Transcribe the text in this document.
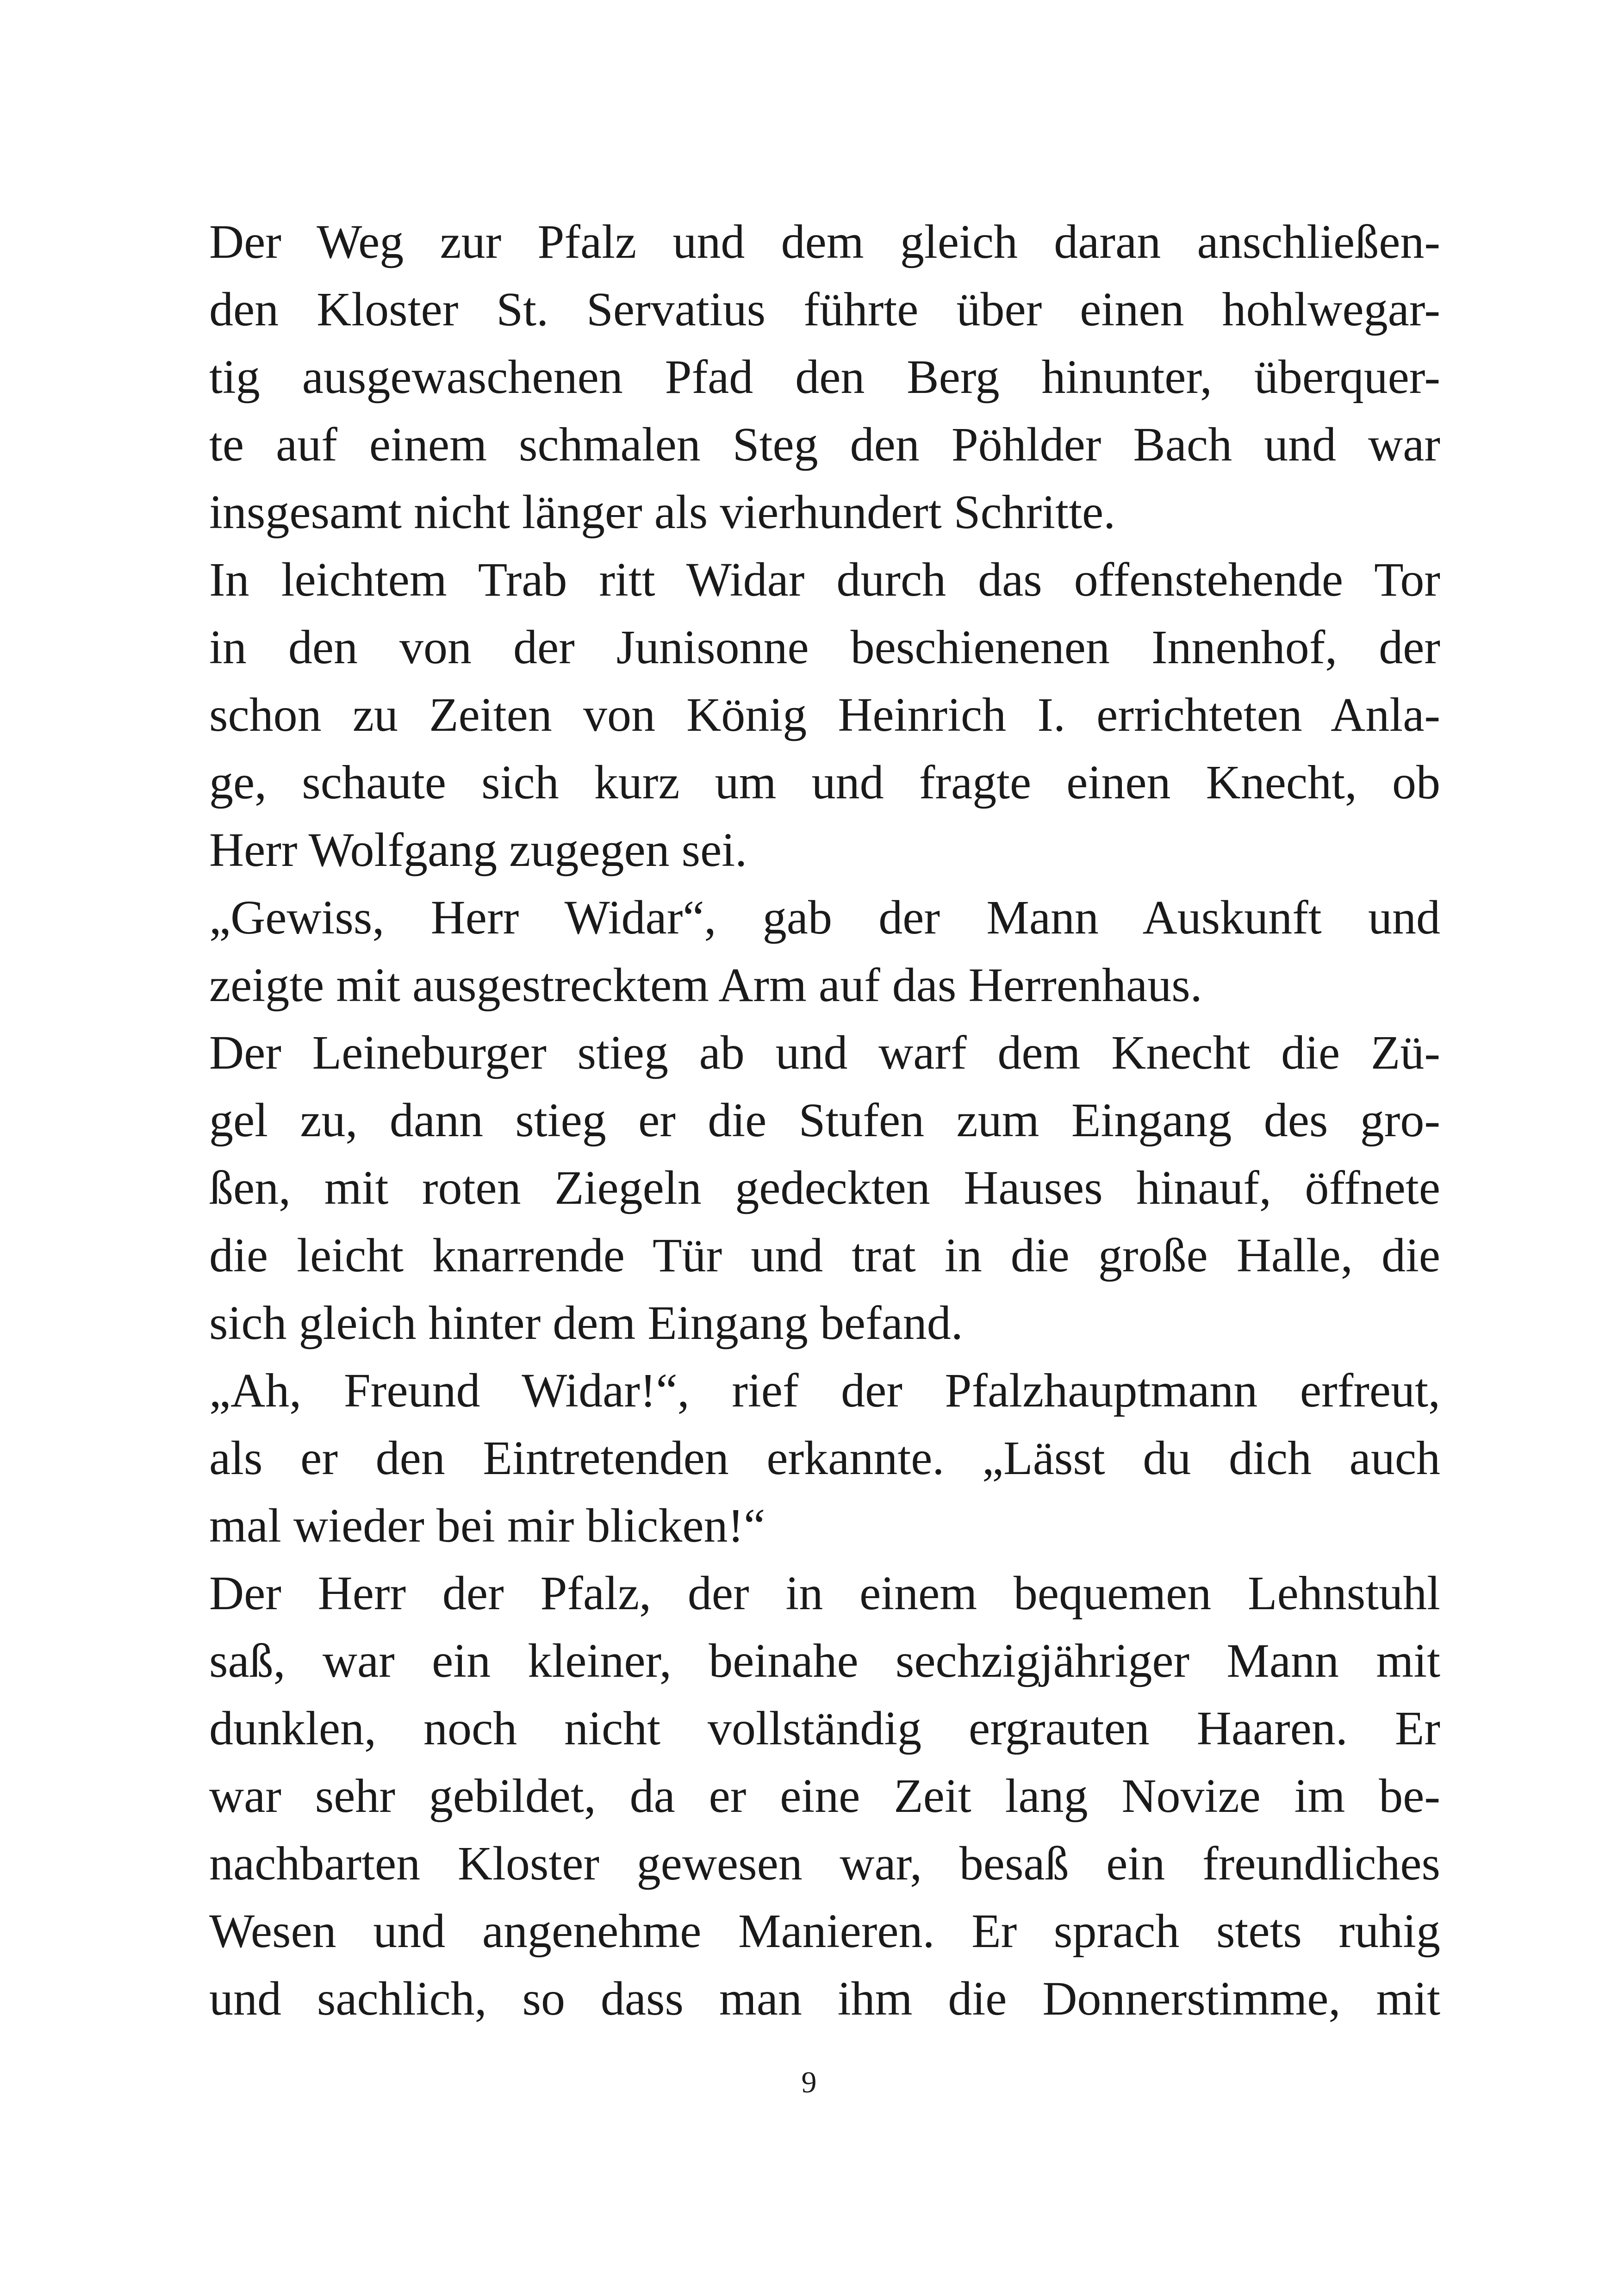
Der Weg zur Pfalz und dem gleich daran anschließen-
den Kloster St. Servatius führte über einen hohlwegar-
tig ausgewaschenen Pfad den Berg hinunter, überquer-
te auf einem schmalen Steg den Pöhlder Bach und war
insgesamt nicht länger als vierhundert Schritte.
In leichtem Trab ritt Widar durch das offenstehende Tor
in den von der Junisonne beschienenen Innenhof, der
schon zu Zeiten von König Heinrich I. errichteten Anla-
ge, schaute sich kurz um und fragte einen Knecht, ob
Herr Wolfgang zugegen sei.
„Gewiss, Herr Widar“, gab der Mann Auskunft und
zeigte mit ausgestrecktem Arm auf das Herrenhaus.
Der Leineburger stieg ab und warf dem Knecht die Zü-
gel zu, dann stieg er die Stufen zum Eingang des gro-
ßen, mit roten Ziegeln gedeckten Hauses hinauf, öffnete
die leicht knarrende Tür und trat in die große Halle, die
sich gleich hinter dem Eingang befand.
„Ah, Freund Widar!“, rief der Pfalzhauptmann erfreut,
als er den Eintretenden erkannte. „Lässt du dich auch
mal wieder bei mir blicken!“
Der Herr der Pfalz, der in einem bequemen Lehnstuhl
saß, war ein kleiner, beinahe sechzigjähriger Mann mit
dunklen, noch nicht vollständig ergrauten Haaren. Er
war sehr gebildet, da er eine Zeit lang Novize im be-
nachbarten Kloster gewesen war, besaß ein freundliches
Wesen und angenehme Manieren. Er sprach stets ruhig
und sachlich, so dass man ihm die Donnerstimme, mit
9
